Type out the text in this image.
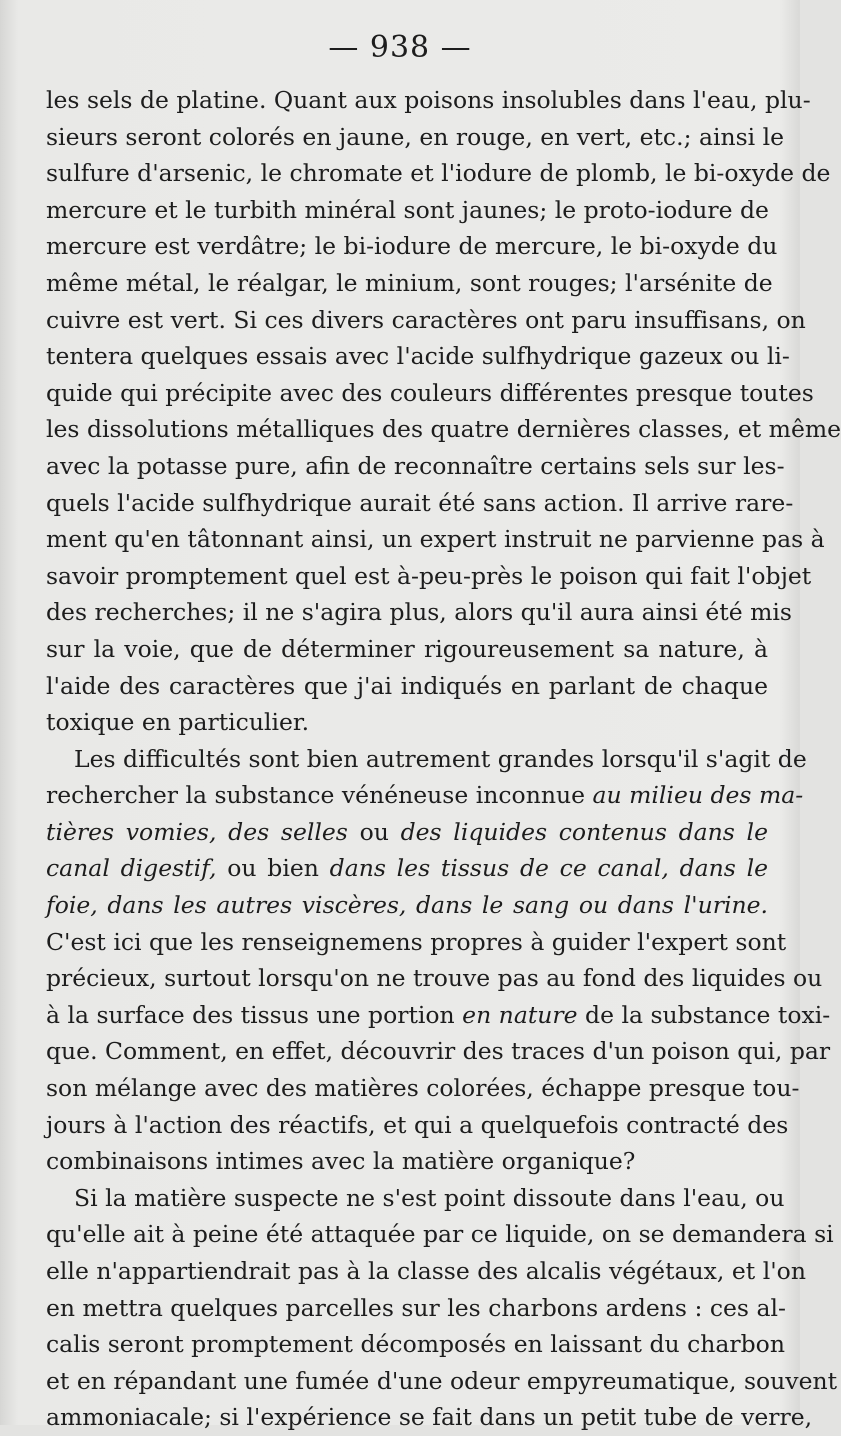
— 938 —
les sels de platine. Quant aux poisons insolubles dans l'eau, plu-
sieurs seront colorés en jaune, en rouge, en vert, etc.; ainsi le
sulfure d'arsenic, le chromate et l'iodure de plomb, le bi-oxyde de
mercure et le turbith minéral sont jaunes; le proto-iodure de
mercure est verdâtre; le bi-iodure de mercure, le bi-oxyde du
même métal, le réalgar, le minium, sont rouges; l'arsénite de
cuivre est vert. Si ces divers caractères ont paru insuffisans, on
tentera quelques essais avec l'acide sulfhydrique gazeux ou li-
quide qui précipite avec des couleurs différentes presque toutes
les dissolutions métalliques des quatre dernières classes, et même
avec la potasse pure, afin de reconnaître certains sels sur les-
quels l'acide sulfhydrique aurait été sans action. Il arrive rare-
ment qu'en tâtonnant ainsi, un expert instruit ne parvienne pas à
savoir promptement quel est à-peu-près le poison qui fait l'objet
des recherches; il ne s'agira plus, alors qu'il aura ainsi été mis
sur la voie, que de déterminer rigoureusement sa nature, à
l'aide des caractères que j'ai indiqués en parlant de chaque
toxique en particulier.
Les difficultés sont bien autrement grandes lorsqu'il s'agit de
rechercher la substance vénéneuse inconnue au milieu des ma-
tières vomies, des selles ou des liquides contenus dans le
canal digestif, ou bien dans les tissus de ce canal, dans le
foie, dans les autres viscères, dans le sang ou dans l'urine.
C'est ici que les renseignemens propres à guider l'expert sont
précieux, surtout lorsqu'on ne trouve pas au fond des liquides ou
à la surface des tissus une portion en nature de la substance toxi-
que. Comment, en effet, découvrir des traces d'un poison qui, par
son mélange avec des matières colorées, échappe presque tou-
jours à l'action des réactifs, et qui a quelquefois contracté des
combinaisons intimes avec la matière organique?
Si la matière suspecte ne s'est point dissoute dans l'eau, ou
qu'elle ait à peine été attaquée par ce liquide, on se demandera si
elle n'appartiendrait pas à la classe des alcalis végétaux, et l'on
en mettra quelques parcelles sur les charbons ardens : ces al-
calis seront promptement décomposés en laissant du charbon
et en répandant une fumée d'une odeur empyreumatique, souvent
ammoniacale; si l'expérience se fait dans un petit tube de verre,
